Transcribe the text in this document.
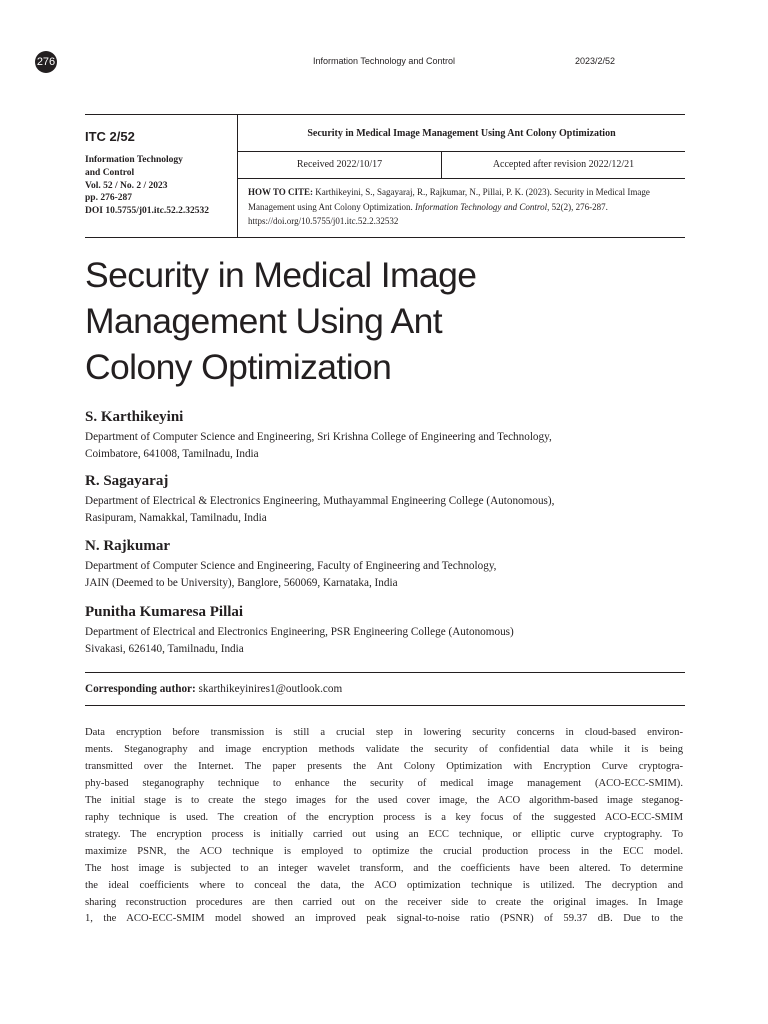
276	Information Technology and Control	2023/2/52
ITC 2/52
Information Technology
and Control
Vol. 52 / No. 2 / 2023
pp. 276-287
DOI 10.5755/j01.itc.52.2.32532
Security in Medical Image Management Using Ant Colony Optimization
Received 2022/10/17	Accepted after revision 2022/12/21
HOW TO CITE: Karthikeyini, S., Sagayaraj, R., Rajkumar, N., Pillai, P. K. (2023). Security in Medical Image Management using Ant Colony Optimization. Information Technology and Control, 52(2), 276-287. https://doi.org/10.5755/j01.itc.52.2.32532
Security in Medical Image
Management Using Ant
Colony Optimization
S. Karthikeyini
Department of Computer Science and Engineering, Sri Krishna College of Engineering and Technology,
Coimbatore, 641008, Tamilnadu, India
R. Sagayaraj
Department of Electrical & Electronics Engineering, Muthayammal Engineering College (Autonomous),
Rasipuram, Namakkal, Tamilnadu, India
N. Rajkumar
Department of Computer Science and Engineering, Faculty of Engineering and Technology,
JAIN (Deemed to be University), Banglore, 560069, Karnataka, India
Punitha Kumaresa Pillai
Department of Electrical and Electronics Engineering, PSR Engineering College (Autonomous)
Sivakasi, 626140, Tamilnadu, India
Corresponding author: skarthikeyinires1@outlook.com
Data encryption before transmission is still a crucial step in lowering security concerns in cloud-based environ-
ments. Steganography and image encryption methods validate the security of confidential data while it is being
transmitted over the Internet. The paper presents the Ant Colony Optimization with Encryption Curve cryptogra-
phy-based steganography technique to enhance the security of medical image management (ACO-ECC-SMIM).
The initial stage is to create the stego images for the used cover image, the ACO algorithm-based image steganog-
raphy technique is used. The creation of the encryption process is a key focus of the suggested ACO-ECC-SMIM
strategy. The encryption process is initially carried out using an ECC technique, or elliptic curve cryptography. To
maximize PSNR, the ACO technique is employed to optimize the crucial production process in the ECC model.
The host image is subjected to an integer wavelet transform, and the coefficients have been altered. To determine
the ideal coefficients where to conceal the data, the ACO optimization technique is utilized. The decryption and
sharing reconstruction procedures are then carried out on the receiver side to create the original images. In Image
1, the ACO-ECC-SMIM model showed an improved peak signal-to-noise ratio (PSNR) of 59.37 dB. Due to the
